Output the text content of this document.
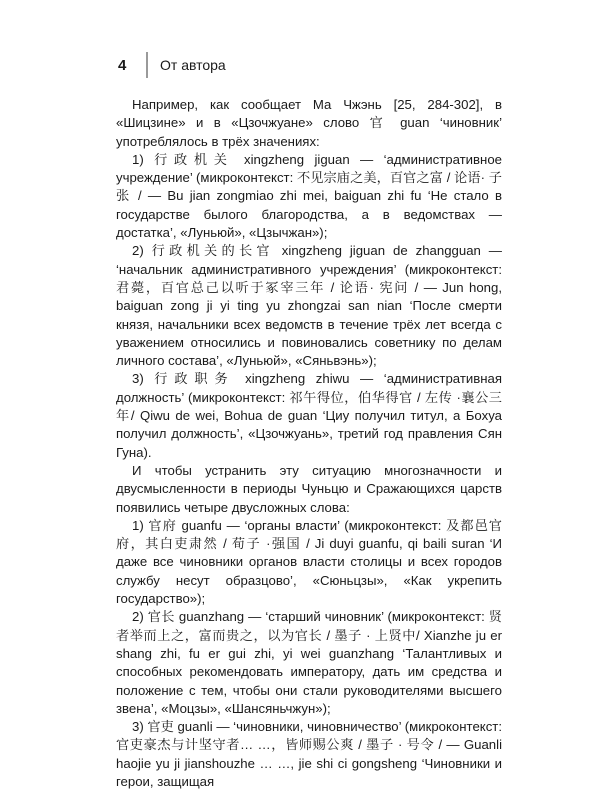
4	От автора

Например, как сообщает Ма Чжэнь [25, 284-302], в «Шицзине» и в «Цзочжуане» слово 官 guan ‘чиновник’ употреблялось в трёх значениях:

1) 行政机关 xingzheng jiguan — ‘административное учреждение’ (микроконтекст: 不见宗庙之美，百官之富 / 论语· 子张 / — Bu jian zongmiao zhi mei, baiguan zhi fu ‘Не стало в государстве былого благородства, а в ведомствах — достатка’, «Луньюй», «Цзычжан»);

2) 行政机关的长官 xingzheng jiguan de zhangguan — ‘начальник административного учреждения’ (микроконтекст: 君薨，百官总己以听于冢宰三年 / 论语· 宪问 / — Jun hong, baiguan zong ji yi ting yu zhongzai san nian ‘После смерти князя, начальники всех ведомств в течение трёх лет всегда с уважением относились и повиновались советнику по делам личного состава’, «Луньюй», «Сяньвэнь»);

3) 行政职务 xingzheng zhiwu — ‘административная должность’ (микроконтекст: 祁午得位，伯华得官 / 左传 ·襄公三年/ Qiwu de wei, Bohua de guan ‘Циу получил титул, а Бохуа получил должность’, «Цзочжуань», третий год правления Сян Гуна).

И чтобы устранить эту ситуацию многозначности и двусмысленности в периоды Чуньцю и Сражающихся царств появились четыре двусложных слова:

1) 官府 guanfu — ‘органы власти’ (микроконтекст: 及都邑官府，其白吏肃然 / 荀子 ·强国 / Ji duyi guanfu, qi baili suran ‘И даже все чиновники органов власти столицы и всех городов службу несут образцово’, «Сюньцзы», «Как укрепить государство»);

2) 官长 guanzhang — ‘старший чиновник’ (микроконтекст: 贤者举而上之，富而贵之，以为官长 / 墨子 · 上贤中/ Xianzhe ju er shang zhi, fu er gui zhi, yi wei guanzhang ‘Талантливых и способных рекомендовать императору, дать им средства и положение с тем, чтобы они стали руководителями высшего звена’, «Моцзы», «Шансяньчжун»);

3) 官吏 guanli — ‘чиновники, чиновничество’ (микроконтекст: 官吏豪杰与计坚守者… …，皆师赐公爽 / 墨子 · 号令 / — Guanli haojie yu ji jianshouzhe … …, jie shi ci gongsheng ‘Чиновники и герои, защищая
